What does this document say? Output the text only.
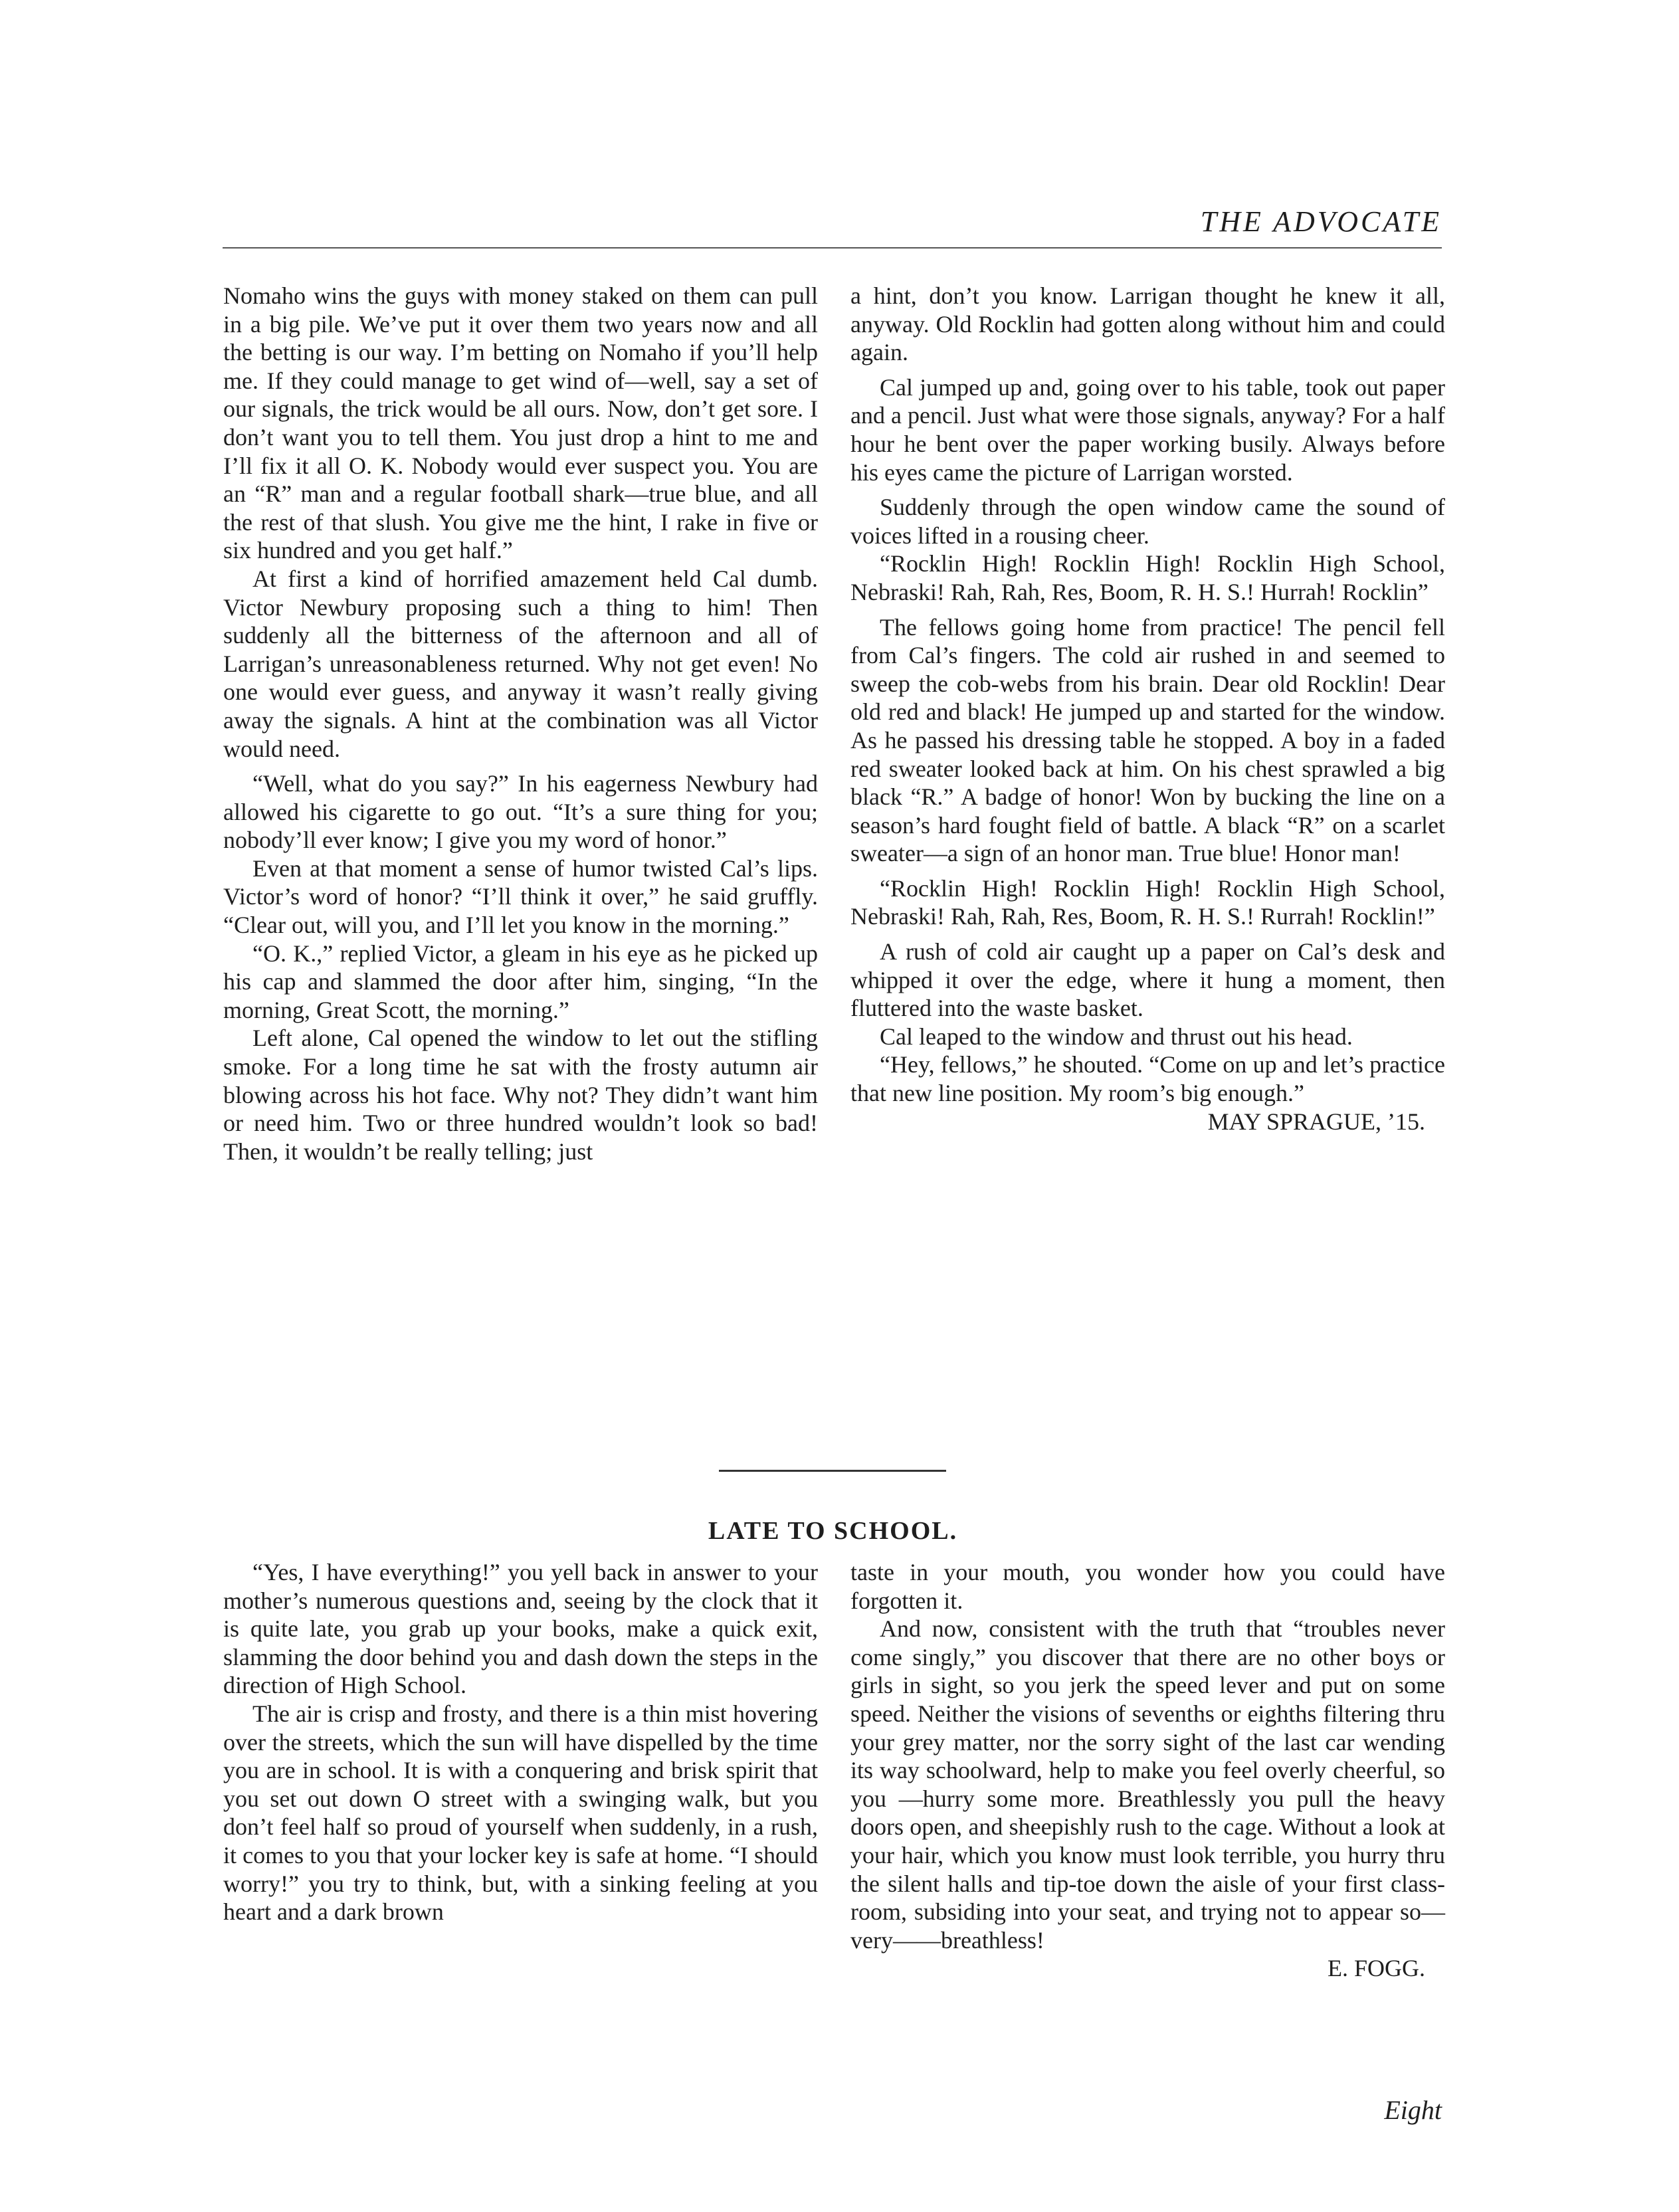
THE ADVOCATE

Nomaho wins the guys with money staked on them can pull in a big pile. We’ve put it over them two years now and all the betting is our way. I’m betting on Nomaho if you’ll help me. If they could manage to get wind of—well, say a set of our signals, the trick would be all ours. Now, don’t get sore. I don’t want you to tell them. You just drop a hint to me and I’ll fix it all O. K. Nobody would ever suspect you. You are an “R” man and a regular football shark—true blue, and all the rest of that slush. You give me the hint, I rake in five or six hundred and you get half.”

At first a kind of horrified amazement held Cal dumb. Victor Newbury proposing such a thing to him! Then suddenly all the bitterness of the afternoon and all of Larrigan’s unreasonableness returned. Why not get even! No one would ever guess, and anyway it wasn’t really giving away the signals. A hint at the combination was all Victor would need.

“Well, what do you say?” In his eagerness Newbury had allowed his cigarette to go out. “It’s a sure thing for you; nobody’ll ever know; I give you my word of honor.”

Even at that moment a sense of humor twisted Cal’s lips. Victor’s word of honor? “I’ll think it over,” he said gruffly. “Clear out, will you, and I’ll let you know in the morning.”

“O. K.,” replied Victor, a gleam in his eye as he picked up his cap and slammed the door after him, singing, “In the morning, Great Scott, the morning.”

Left alone, Cal opened the window to let out the stifling smoke. For a long time he sat with the frosty autumn air blowing across his hot face. Why not? They didn’t want him or need him. Two or three hundred wouldn’t look so bad! Then, it wouldn’t be really telling; just

a hint, don’t you know. Larrigan thought he knew it all, anyway. Old Rocklin had gotten along without him and could again.

Cal jumped up and, going over to his table, took out paper and a pencil. Just what were those signals, anyway? For a half hour he bent over the paper working busily. Always before his eyes came the picture of Larrigan worsted.

Suddenly through the open window came the sound of voices lifted in a rousing cheer.

“Rocklin High! Rocklin High! Rocklin High School, Nebraski! Rah, Rah, Res, Boom, R. H. S.! Hurrah! Rocklin”

The fellows going home from practice! The pencil fell from Cal’s fingers. The cold air rushed in and seemed to sweep the cob-webs from his brain. Dear old Rocklin! Dear old red and black! He jumped up and started for the window. As he passed his dressing table he stopped. A boy in a faded red sweater looked back at him. On his chest sprawled a big black “R.” A badge of honor! Won by bucking the line on a season’s hard fought field of battle. A black “R” on a scarlet sweater—a sign of an honor man. True blue! Honor man!

“Rocklin High! Rocklin High! Rocklin High School, Nebraski! Rah, Rah, Res, Boom, R. H. S.! Rurrah! Rocklin!”

A rush of cold air caught up a paper on Cal’s desk and whipped it over the edge, where it hung a moment, then fluttered into the waste basket.

Cal leaped to the window and thrust out his head.

“Hey, fellows,” he shouted. “Come on up and let’s practice that new line position. My room’s big enough.”

MAY SPRAGUE, ’15.

LATE TO SCHOOL.

“Yes, I have everything!” you yell back in answer to your mother’s numerous questions and, seeing by the clock that it is quite late, you grab up your books, make a quick exit, slamming the door behind you and dash down the steps in the direction of High School.

The air is crisp and frosty, and there is a thin mist hovering over the streets, which the sun will have dispelled by the time you are in school. It is with a conquering and brisk spirit that you set out down O street with a swinging walk, but you don’t feel half so proud of yourself when suddenly, in a rush, it comes to you that your locker key is safe at home. “I should worry!” you try to think, but, with a sinking feeling at you heart and a dark brown

taste in your mouth, you wonder how you could have forgotten it.

And now, consistent with the truth that “troubles never come singly,” you discover that there are no other boys or girls in sight, so you jerk the speed lever and put on some speed. Neither the visions of sevenths or eighths filtering thru your grey matter, nor the sorry sight of the last car wending its way schoolward, help to make you feel overly cheerful, so you —hurry some more. Breathlessly you pull the heavy doors open, and sheepishly rush to the cage. Without a look at your hair, which you know must look terrible, you hurry thru the silent halls and tip-toe down the aisle of your first class-room, subsiding into your seat, and trying not to appear so—very——breathless!

E. FOGG.

Eight
